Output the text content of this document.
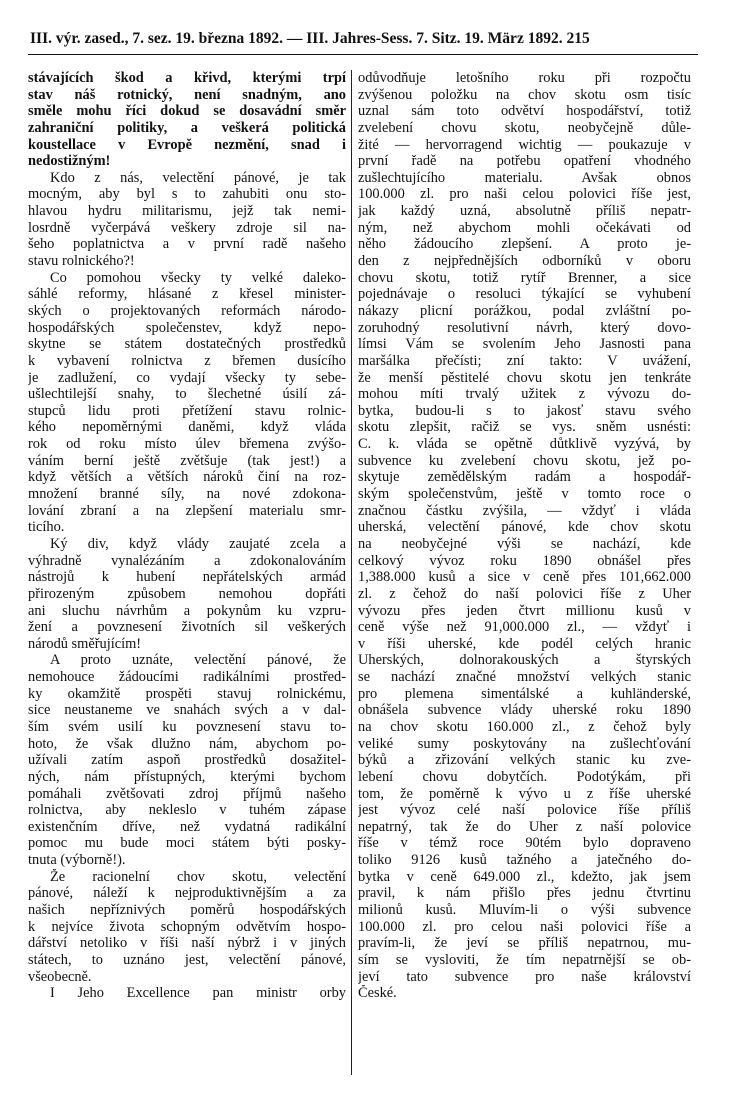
III. výr. zased., 7. sez. 19. března 1892. — III. Jahres-Sess. 7. Sitz. 19. März 1892. 215
stávajících škod a křivd, kterými trpí
stav náš rotnický, není snadným, ano
směle mohu říci dokud se dosavádní směr
zahraniční politiky, a veškerá politická
koustellace v Evropě nezmění, snad i
nedostižným!
Kdo z nás, velectění pánové, je tak
mocným, aby byl s to zahubiti onu sto-
hlavou hydru militarismu, jejž tak nemi-
losrdně vyčerpává veškery zdroje sil na-
šeho poplatnictva a v první radě našeho
stavu rolnického?!
Co pomohou všecky ty velké daleko-
sáhlé reformy, hlásané z křesel minister-
ských o projektovaných reformách národo-
hospodářských společenstev, když nepo-
skytne se státem dostatečných prostředků
k vybavení rolnictva z břemen dusícího
je zadlužení, co vydají všecky ty sebe-
ušlechtilejší snahy, to šlechetné úsilí zá-
stupců lidu proti přetížení stavu rolnic-
kého nepoměrnými daněmi, když vláda
rok od roku místo úlev břemena zvýšo-
váním berní ještě zvětšuje (tak jest!) a
když větších a větších nároků činí na roz-
množení branné síly, na nové zdokona-
lování zbraní a na zlepšení materialu smr-
ticího.
Ký div, když vlády zaujaté zcela a
výhradně vynalézáním a zdokonalováním
nástrojů k hubení nepřátelských armád
přirozeným způsobem nemohou dopřáti
ani sluchu návrhům a pokynům ku vzpru-
žení a povznesení životních sil veškerých
národů směřujícím!
A proto uznáte, velectění pánové, že
nemohouce žádoucími radikálními prostřed-
ky okamžitě prospěti stavuj rolnickému,
sice neustaneme ve snahách svých a v dal-
ším svém usilí ku povznesení stavu to-
hoto, že však dlužno nám, abychom po-
užívali zatím aspoň prostředků dosažitel-
ných, nám přístupných, kterými bychom
pomáhali zvětšovati zdroj příjmů našeho
rolnictva, aby nekleslo v tuhém zápase
existenčním dříve, než vydatná radikální
pomoc mu bude moci státem býti posky-
tnuta (výborně!).
Že racionelní chov skotu, velectění
pánové, náleží k nejproduktivnějším a za
našich nepříznivých poměrů hospodářských
k nejvíce života schopným odvětvím hospo-
dářství netoliko v říši naší nýbrž i v jiných
státech, to uznáno jest, velectění pánové,
všeobecně.
I Jeho Excellence pan ministr orby
odůvodňuje letošního roku při rozpočtu
zvýšenou položku na chov skotu osm tisíc
uznal sám toto odvětví hospodářství, totiž
zvelebení chovu skotu, neobyčejně důle-
žité — hervorragend wichtig — poukazuje v
první řadě na potřebu opatření vhodného
zušlechtujícího materialu. Avšak obnos
100.000 zl. pro naši celou polovici říše jest,
jak každý uzná, absolutně příliš nepatr-
ným, než abychom mohli očekávati od
něho žádoucího zlepšení. A proto je-
den z nejpřednějších odborníků v oboru
chovu skotu, totiž rytíř Brenner, a sice
pojednávaje o resoluci týkající se vyhubení
nákazy plicní porážkou, podal zvláštní po-
zoruhodný resolutivní návrh, který dovo-
límsi Vám se svolením Jeho Jasnosti pana
maršálka přečísti; zní takto: V uvážení,
že menší pěstitelé chovu skotu jen tenkráte
mohou míti trvalý užitek z vývozu do-
bytka, budou-li s to jakosť stavu svého
skotu zlepšit, račiž se vys. sněm usnésti:
C. k. vláda se opětně důtklivě vyzývá, by
subvence ku zvelebení chovu skotu, jež po-
skytuje zemědělským radám a hospodář-
ským společenstvům, ještě v tomto roce o
značnou částku zvýšila, — vždyť i vláda
uherská, velectění pánové, kde chov skotu
na neobyčejné výši se nachází, kde
celkový vývoz roku 1890 obnášel přes
1,388.000 kusů a sice v ceně přes 101,662.000
zl. z čehož do naší polovici říše z Uher
vývozu přes jeden čtvrt millionu kusů v
ceně výše než 91,000.000 zl., — vždyť i
v říši uherské, kde podél celých hranic
Uherských, dolnorakouských a štyrských
se nachází značné množství velkých stanic
pro plemena simentálské a kuhländerské,
obnášela subvence vlády uherské roku 1890
na chov skotu 160.000 zl., z čehož byly
veliké sumy poskytovány na zušlechťování
býků a zřizování velkých stanic ku zve-
lebení chovu dobytčích. Podotýkám, při
tom, že poměrně k vývo u z říše uherské
jest vývoz celé naší polovice říše příliš
nepatrný, tak že do Uher z naší polovice
říše v témž roce 90tém bylo dopraveno
toliko 9126 kusů tažného a jatečného do-
bytka v ceně 649.000 zl., kdežto, jak jsem
pravil, k nám přišlo přes jednu čtvrtinu
milionů kusů. Mluvím-li o výši subvence
100.000 zl. pro celou naši polovici říše a
pravím-li, že jeví se příliš nepatrnou, mu-
sím se vysloviti, že tím nepatrnější se ob-
jeví tato subvence pro naše království
České.
